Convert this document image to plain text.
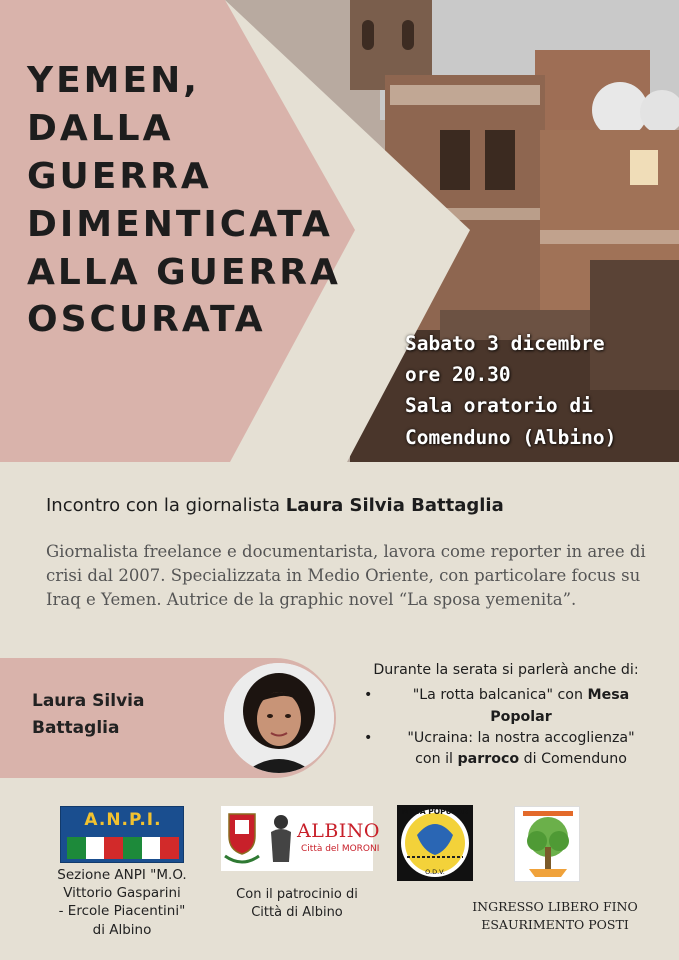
YEMEN,
DALLA
GUERRA
DIMENTICATA
ALLA GUERRA
OSCURATA
Sabato 3 dicembre
ore 20.30
Sala oratorio di
Comenduno (Albino)
Incontro con la giornalista Laura Silvia Battaglia
Giornalista freelance e documentarista, lavora come reporter in aree di crisi dal 2007. Specializzata in Medio Oriente, con particolare focus su Iraq e Yemen. Autrice de la graphic novel “La sposa yemenita”.
Laura Silvia
Battaglia
Durante la serata si parlerà anche di:
• "La rotta balcanica" con Mesa
Popolar
• "Ucraina: la nostra accoglienza"
con il parroco di Comenduno
A.N.P.I.
Sezione ANPI "M.O.
Vittorio Gasparini
- Ercole Piacentini"
di Albino
ALBINO
Città del MORONI
Con il patrocinio di
Città di Albino
MESA POPULAR
O.D.V.
INGRESSO LIBERO FINO
ESAURIMENTO POSTI
